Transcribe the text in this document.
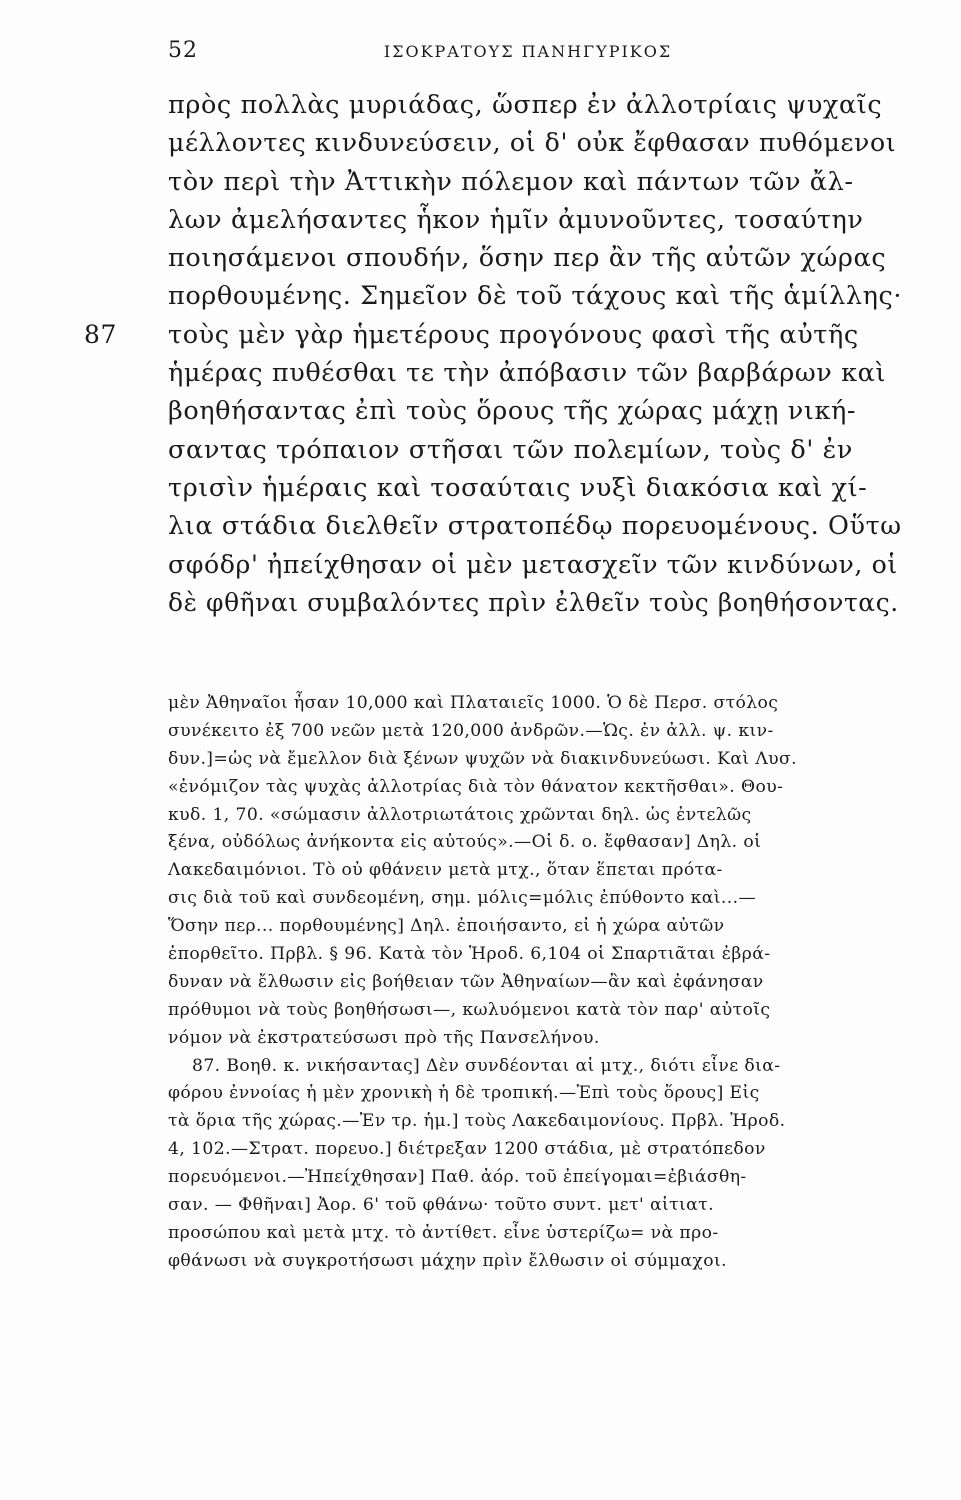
52	ΙΣΟΚΡΑΤΟΥΣ ΠΑΝΗΓΥΡΙΚΟΣ
πρὸς πολλὰς μυριάδας, ὥσπερ ἐν ἀλλοτρίαις ψυχαῖς
μέλλοντες κινδυνεύσειν, οἱ δ' οὐκ ἔφθασαν πυθόμενοι
τὸν περὶ τὴν Ἀττικὴν πόλεμον καὶ πάντων τῶν ἄλ-
λων ἀμελήσαντες ἧκον ἡμῖν ἀμυνοῦντες, τοσαύτην
ποιησάμενοι σπουδήν, ὅσην περ ἂν τῆς αὐτῶν χώρας
πορθουμένης. Σημεῖον δὲ τοῦ τάχους καὶ τῆς ἁμίλλης·
87 τοὺς μὲν γὰρ ἡμετέρους προγόνους φασὶ τῆς αὐτῆς
ἡμέρας πυθέσθαι τε τὴν ἀπόβασιν τῶν βαρβάρων καὶ
βοηθήσαντας ἐπὶ τοὺς ὅρους τῆς χώρας μάχῃ νική-
σαντας τρόπαιον στῆσαι τῶν πολεμίων, τοὺς δ' ἐν
τρισὶν ἡμέραις καὶ τοσαύταις νυξὶ διακόσια καὶ χί-
λια στάδια διελθεῖν στρατοπέδῳ πορευομένους. Οὕτω
σφόδρ' ἠπείχθησαν οἱ μὲν μετασχεῖν τῶν κινδύνων, οἱ
δὲ φθῆναι συμβαλόντες πρὶν ἐλθεῖν τοὺς βοηθήσοντας.
μὲν Ἀθηναῖοι ἦσαν 10,000 καὶ Πλαταιεῖς 1000. Ὁ δὲ Περσ. στόλος
συνέκειτο ἐξ 700 νεῶν μετὰ 120,000 ἀνδρῶν.—Ὡς. ἐν ἀλλ. ψ. κιν-
δυν.]=ὡς νὰ ἔμελλον διὰ ξένων ψυχῶν νὰ διακινδυνεύωσι. Καὶ Λυσ.
«ἐνόμιζον τὰς ψυχὰς ἀλλοτρίας διὰ τὸν θάνατον κεκτῆσθαι». Θου-
κυδ. 1, 70. «σώμασιν ἀλλοτριωτάτοις χρῶνται δηλ. ὡς ἐντελῶς
ξένα, οὐδόλως ἀνήκοντα εἰς αὐτούς».—Οἱ δ. ο. ἔφθασαν] Δηλ. οἱ
Λακεδαιμόνιοι. Τὸ οὐ φθάνειν μετὰ μτχ., ὅταν ἕπεται πρότα-
σις διὰ τοῦ καὶ συνδεομένη, σημ. μόλις=μόλις ἐπύθοντο καὶ...—
Ὅσην περ... πορθουμένης] Δηλ. ἐποιήσαντο, εἰ ἡ χώρα αὐτῶν
ἐπορθεῖτο. Πρβλ. § 96. Κατὰ τὸν Ἡροδ. 6,104 οἱ Σπαρτιᾶται ἐβρά-
δυναν νὰ ἔλθωσιν εἰς βοήθειαν τῶν Ἀθηναίων—ἂν καὶ ἐφάνησαν
πρόθυμοι νὰ τοὺς βοηθήσωσι—, κωλυόμενοι κατὰ τὸν παρ' αὐτοῖς
νόμον νὰ ἐκστρατεύσωσι πρὸ τῆς Πανσελήνου.
87. Βοηθ. κ. νικήσαντας] Δὲν συνδέονται αἱ μτχ., διότι εἶνε δια-
φόρου ἐννοίας ἡ μὲν χρονικὴ ἡ δὲ τροπική.—Ἐπὶ τοὺς ὅρους] Εἰς
τὰ ὅρια τῆς χώρας.—Ἐν τρ. ἡμ.] τοὺς Λακεδαιμονίους. Πρβλ. Ἡροδ.
4, 102.—Στρατ. πορευο.] διέτρεξαν 1200 στάδια, μὲ στρατόπεδον
πορευόμενοι.—Ἠπείχθησαν] Παθ. ἀόρ. τοῦ ἐπείγομαι=ἐβιάσθη-
σαν. — Φθῆναι] Ἀορ. 6' τοῦ φθάνω· τοῦτο συντ. μετ' αἰτιατ.
προσώπου καὶ μετὰ μτχ. τὸ ἀντίθετ. εἶνε ὑστερίζω= νὰ προ-
φθάνωσι νὰ συγκροτήσωσι μάχην πρὶν ἔλθωσιν οἱ σύμμαχοι.
